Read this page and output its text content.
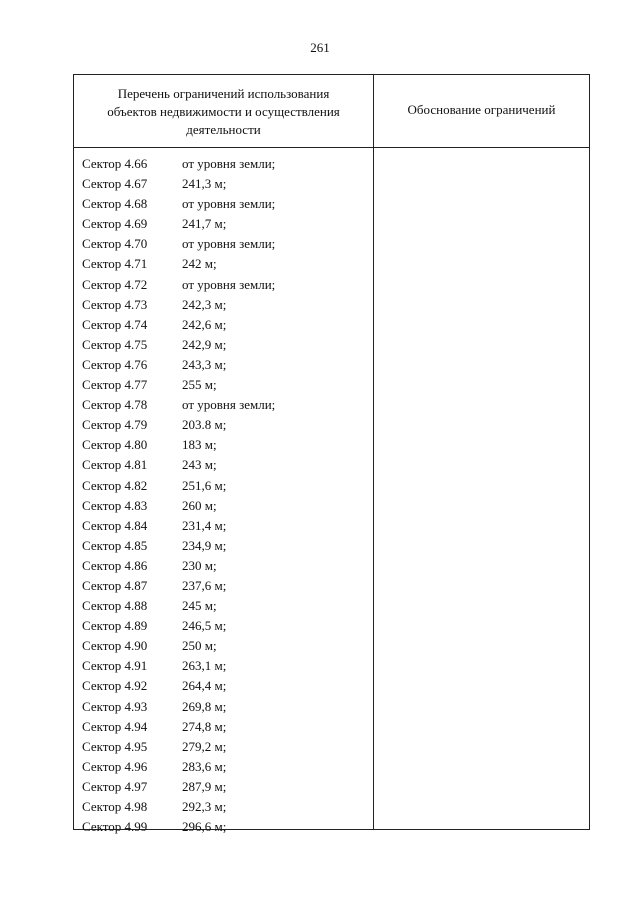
261
Перечень ограничений использования
объектов недвижимости и осуществления
деятельности
Обоснование ограничений
Сектор 4.66	от уровня земли;
Сектор 4.67	241,3 м;
Сектор 4.68	от уровня земли;
Сектор 4.69	241,7 м;
Сектор 4.70	от уровня земли;
Сектор 4.71	242 м;
Сектор 4.72	от уровня земли;
Сектор 4.73	242,3 м;
Сектор 4.74	242,6 м;
Сектор 4.75	242,9 м;
Сектор 4.76	243,3 м;
Сектор 4.77	255 м;
Сектор 4.78	от уровня земли;
Сектор 4.79	203.8 м;
Сектор 4.80	183 м;
Сектор 4.81	243 м;
Сектор 4.82	251,6 м;
Сектор 4.83	260 м;
Сектор 4.84	231,4 м;
Сектор 4.85	234,9 м;
Сектор 4.86	230 м;
Сектор 4.87	237,6 м;
Сектор 4.88	245 м;
Сектор 4.89	246,5 м;
Сектор 4.90	250 м;
Сектор 4.91	263,1 м;
Сектор 4.92	264,4 м;
Сектор 4.93	269,8 м;
Сектор 4.94	274,8 м;
Сектор 4.95	279,2 м;
Сектор 4.96	283,6 м;
Сектор 4.97	287,9 м;
Сектор 4.98	292,3 м;
Сектор 4.99	296,6 м;
